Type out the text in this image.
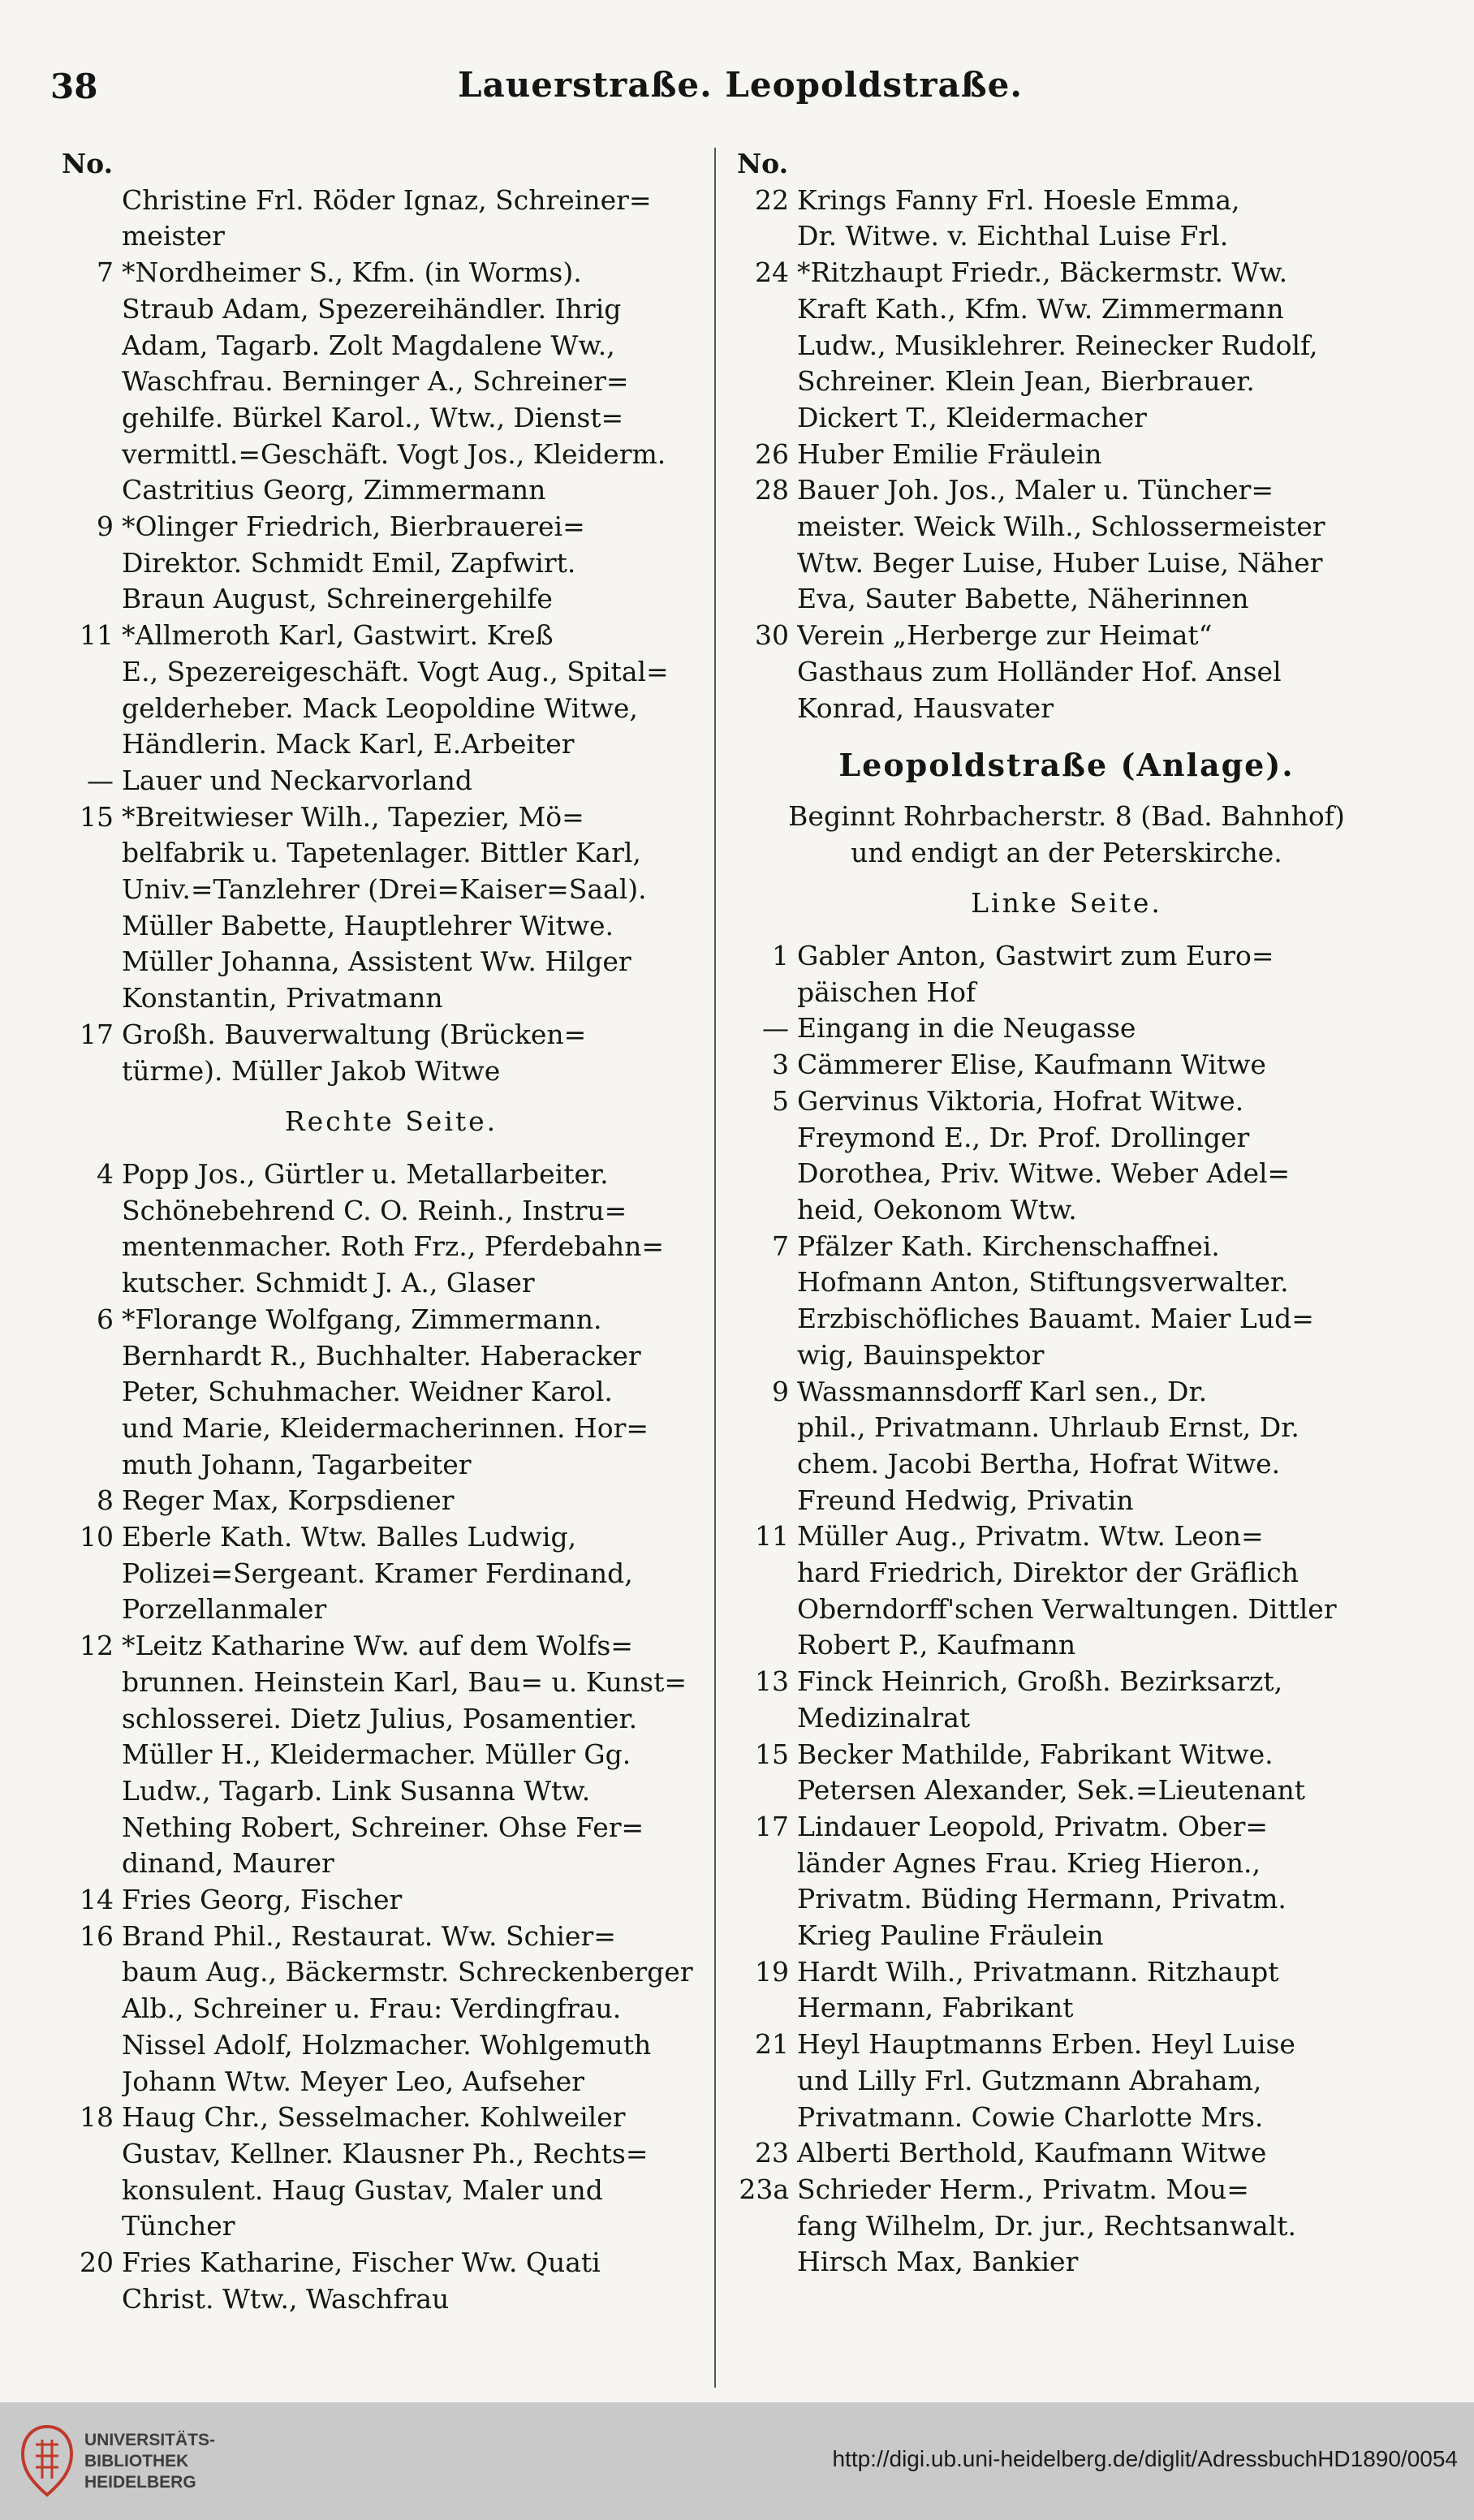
38	Lauerstraße. Leopoldstraße.
No.
Christine Frl. Röder Ignaz, Schreiner=
meister
7 *Nordheimer S., Kfm. (in Worms).
Straub Adam, Spezereihändler. Ihrig
Adam, Tagarb. Zolt Magdalene Ww.,
Waschfrau. Berninger A., Schreiner=
gehilfe. Bürkel Karol., Wtw., Dienst=
vermittl.=Geschäft. Vogt Jos., Kleiderm.
Castritius Georg, Zimmermann
9 *Olinger Friedrich, Bierbrauerei=
Direktor. Schmidt Emil, Zapfwirt.
Braun August, Schreinergehilfe
11 *Allmeroth Karl, Gastwirt. Kreß
E., Spezereigeschäft. Vogt Aug., Spital=
gelderheber. Mack Leopoldine Witwe,
Händlerin. Mack Karl, E.Arbeiter
— Lauer und Neckarvorland
15 *Breitwieser Wilh., Tapezier, Mö=
belfabrik u. Tapetenlager. Bittler Karl,
Univ.=Tanzlehrer (Drei=Kaiser=Saal).
Müller Babette, Hauptlehrer Witwe.
Müller Johanna, Assistent Ww. Hilger
Konstantin, Privatmann
17 Großh. Bauverwaltung (Brücken=
türme). Müller Jakob Witwe
Rechte Seite.
4 Popp Jos., Gürtler u. Metallarbeiter.
Schönebehrend C. O. Reinh., Instru=
mentenmacher. Roth Frz., Pferdebahn=
kutscher. Schmidt J. A., Glaser
6 *Florange Wolfgang, Zimmermann.
Bernhardt R., Buchhalter. Haberacker
Peter, Schuhmacher. Weidner Karol.
und Marie, Kleidermacherinnen. Hor=
muth Johann, Tagarbeiter
8 Reger Max, Korpsdiener
10 Eberle Kath. Wtw. Balles Ludwig,
Polizei=Sergeant. Kramer Ferdinand,
Porzellanmaler
12 *Leitz Katharine Ww. auf dem Wolfs=
brunnen. Heinstein Karl, Bau= u. Kunst=
schlosserei. Dietz Julius, Posamentier.
Müller H., Kleidermacher. Müller Gg.
Ludw., Tagarb. Link Susanna Wtw.
Nething Robert, Schreiner. Ohse Fer=
dinand, Maurer
14 Fries Georg, Fischer
16 Brand Phil., Restaurat. Ww. Schier=
baum Aug., Bäckermstr. Schreckenberger
Alb., Schreiner u. Frau: Verdingfrau.
Nissel Adolf, Holzmacher. Wohlgemuth
Johann Wtw. Meyer Leo, Aufseher
18 Haug Chr., Sesselmacher. Kohlweiler
Gustav, Kellner. Klausner Ph., Rechts=
konsulent. Haug Gustav, Maler und
Tüncher
20 Fries Katharine, Fischer Ww. Quati
Christ. Wtw., Waschfrau
No.
22 Krings Fanny Frl. Hoesle Emma,
Dr. Witwe. v. Eichthal Luise Frl.
24 *Ritzhaupt Friedr., Bäckermstr. Ww.
Kraft Kath., Kfm. Ww. Zimmermann
Ludw., Musiklehrer. Reinecker Rudolf,
Schreiner. Klein Jean, Bierbrauer.
Dickert T., Kleidermacher
26 Huber Emilie Fräulein
28 Bauer Joh. Jos., Maler u. Tüncher=
meister. Weick Wilh., Schlossermeister
Wtw. Beger Luise, Huber Luise, Näher
Eva, Sauter Babette, Näherinnen
30 Verein „Herberge zur Heimat“
Gasthaus zum Holländer Hof. Ansel
Konrad, Hausvater
Leopoldstraße (Anlage).
Beginnt Rohrbacherstr. 8 (Bad. Bahnhof)
und endigt an der Peterskirche.
Linke Seite.
1 Gabler Anton, Gastwirt zum Euro=
päischen Hof
— Eingang in die Neugasse
3 Cämmerer Elise, Kaufmann Witwe
5 Gervinus Viktoria, Hofrat Witwe.
Freymond E., Dr. Prof. Drollinger
Dorothea, Priv. Witwe. Weber Adel=
heid, Oekonom Wtw.
7 Pfälzer Kath. Kirchenschaffnei.
Hofmann Anton, Stiftungsverwalter.
Erzbischöfliches Bauamt. Maier Lud=
wig, Bauinspektor
9 Wassmannsdorff Karl sen., Dr.
phil., Privatmann. Uhrlaub Ernst, Dr.
chem. Jacobi Bertha, Hofrat Witwe.
Freund Hedwig, Privatin
11 Müller Aug., Privatm. Wtw. Leon=
hard Friedrich, Direktor der Gräflich
Oberndorff'schen Verwaltungen. Dittler
Robert P., Kaufmann
13 Finck Heinrich, Großh. Bezirksarzt,
Medizinalrat
15 Becker Mathilde, Fabrikant Witwe.
Petersen Alexander, Sek.=Lieutenant
17 Lindauer Leopold, Privatm. Ober=
länder Agnes Frau. Krieg Hieron.,
Privatm. Büding Hermann, Privatm.
Krieg Pauline Fräulein
19 Hardt Wilh., Privatmann. Ritzhaupt
Hermann, Fabrikant
21 Heyl Hauptmanns Erben. Heyl Luise
und Lilly Frl. Gutzmann Abraham,
Privatmann. Cowie Charlotte Mrs.
23 Alberti Berthold, Kaufmann Witwe
23a Schrieder Herm., Privatm. Mou=
fang Wilhelm, Dr. jur., Rechtsanwalt.
Hirsch Max, Bankier
UNIVERSITÄTS-
BIBLIOTHEK
HEIDELBERG
http://digi.ub.uni-heidelberg.de/diglit/AdressbuchHD1890/0054
